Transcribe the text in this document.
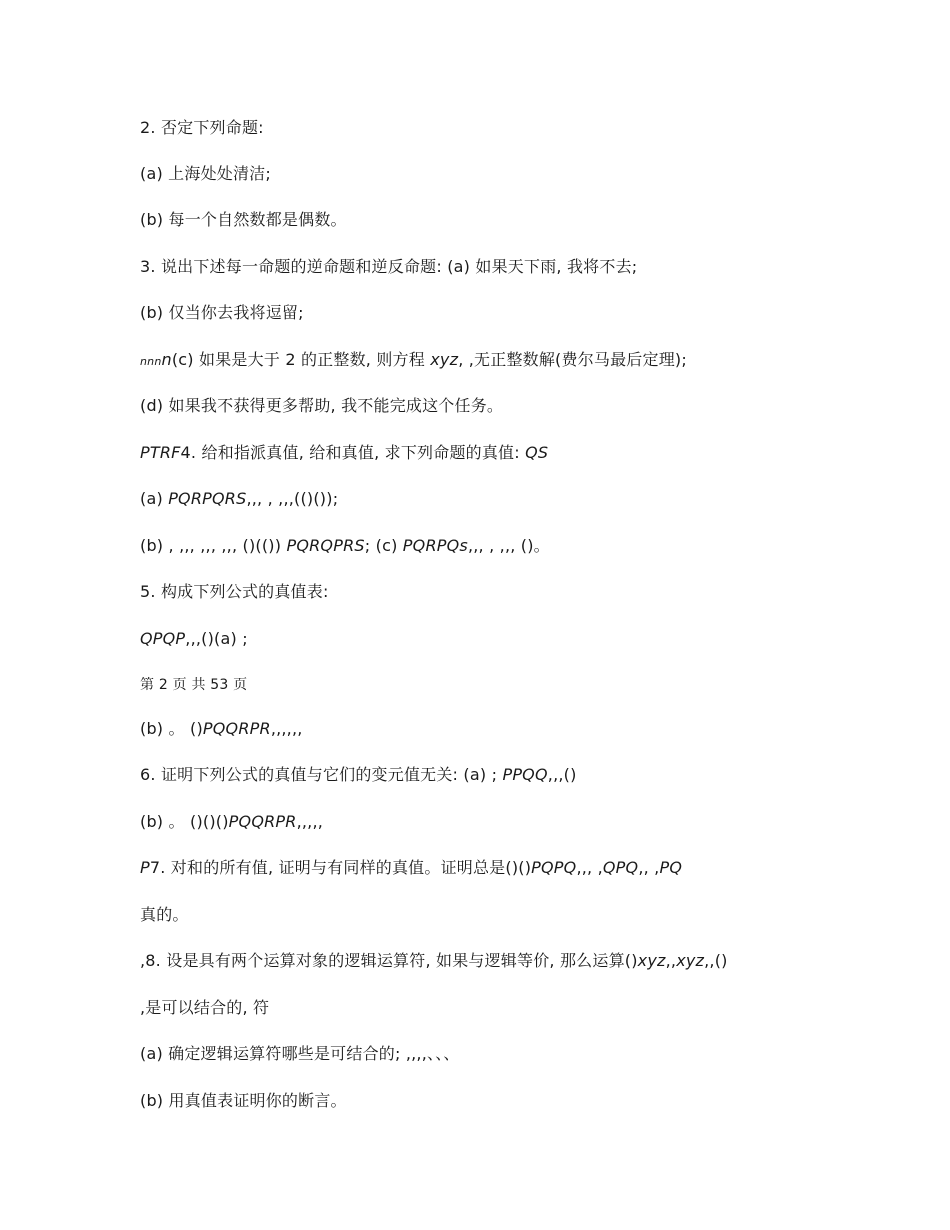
2. 否定下列命题:
(a) 上海处处清洁;
(b) 每一个自然数都是偶数。
3. 说出下述每一命题的逆命题和逆反命题: (a) 如果天下雨, 我将不去;
(b) 仅当你去我将逗留;
nnnn(c) 如果是大于 2 的正整数, 则方程 xyz, ,无正整数解(费尔马最后定理);
(d) 如果我不获得更多帮助, 我不能完成这个任务。
PTRF4. 给和指派真值, 给和真值, 求下列命题的真值: QS
(a) PQRPQRS,,, , ,,,(()());
(b) , ,,, ,,, ,,, ()(()) PQRQPRS; (c) PQRPQs,,, , ,,, ()。
5. 构成下列公式的真值表:
QPQP,,,()(a) ;
第 2 页 共 53 页
(b) 。 ()PQQRPR,,,,,,
6. 证明下列公式的真值与它们的变元值无关: (a) ; PPQQ,,,()
(b) 。 ()()()PQQRPR,,,,,
P7. 对和的所有值, 证明与有同样的真值。证明总是()()PQPQ,,, ,QPQ,, ,PQ
真的。
,8. 设是具有两个运算对象的逻辑运算符, 如果与逻辑等价, 那么运算()xyz,,xyz,,()
,是可以结合的, 符
(a) 确定逻辑运算符哪些是可结合的; ,,,,、、、
(b) 用真值表证明你的断言。
